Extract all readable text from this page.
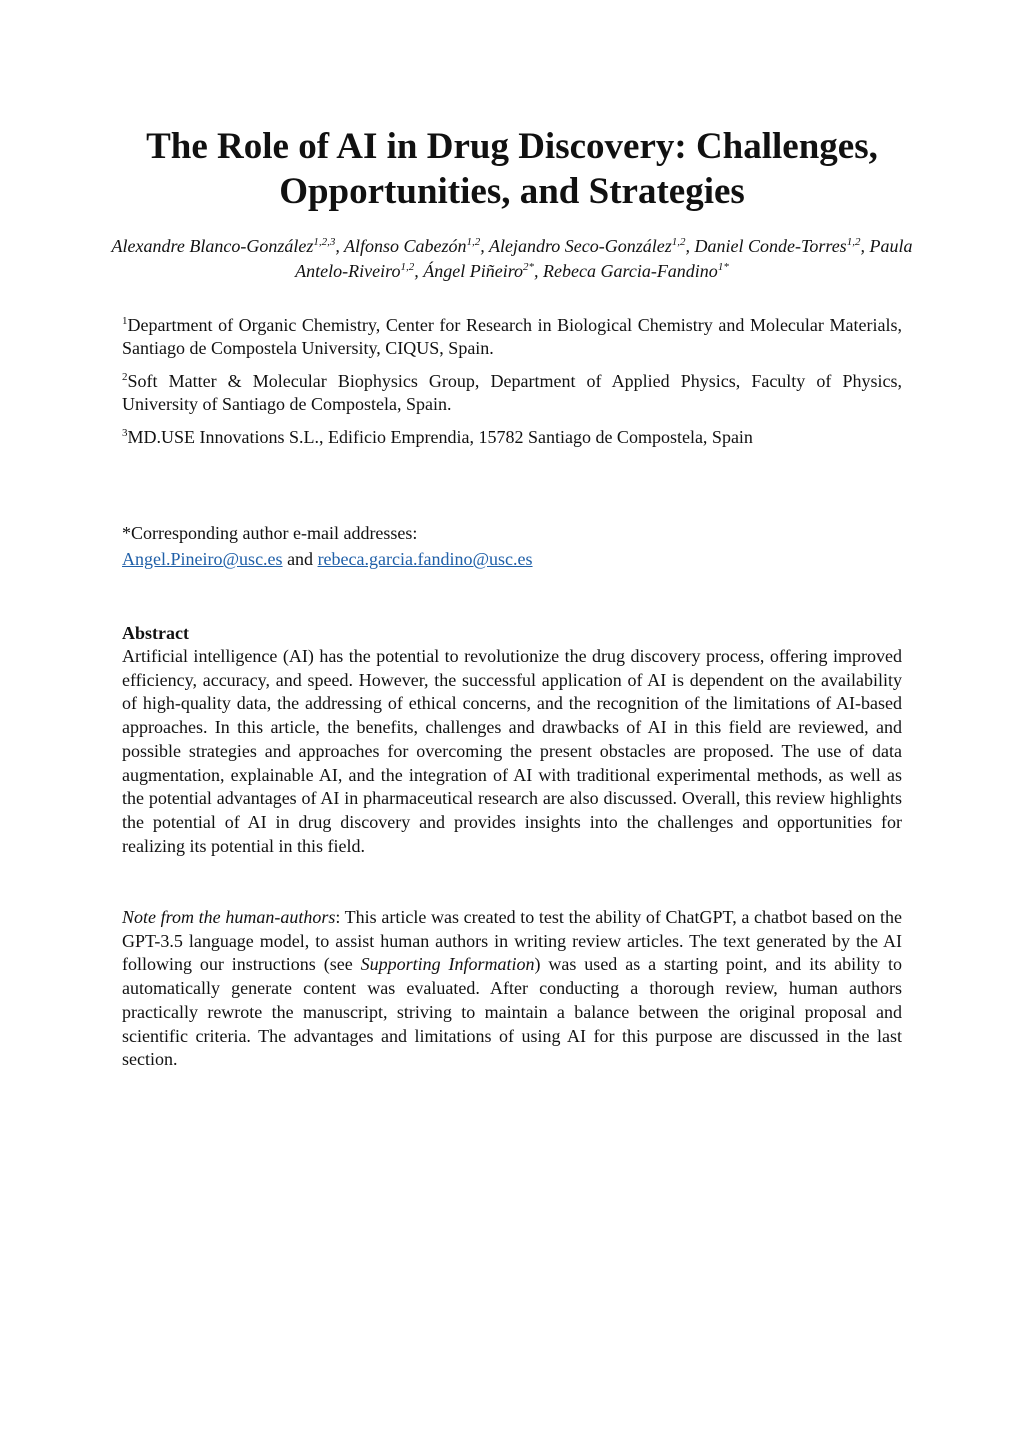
The Role of AI in Drug Discovery: Challenges,
Opportunities, and Strategies
Alexandre Blanco-González$^{1,2,3}$, Alfonso Cabezón$^{1,2}$, Alejandro Seco-González$^{1,2}$, Daniel Conde-Torres$^{1,2}$, Paula Antelo-Riveiro$^{1,2}$, Ángel Piñeiro$^{2*}$, Rebeca Garcia-Fandino$^{1*}$
$^1$Department of Organic Chemistry, Center for Research in Biological Chemistry and Molecular Materials, Santiago de Compostela University, CIQUS, Spain.
$^2$Soft Matter & Molecular Biophysics Group, Department of Applied Physics, Faculty of Physics, University of Santiago de Compostela, Spain.
$^3$MD.USE Innovations S.L., Edificio Emprendia, 15782 Santiago de Compostela, Spain
*Corresponding author e-mail addresses:
Angel.Pineiro@usc.es and rebeca.garcia.fandino@usc.es
Abstract
Artificial intelligence (AI) has the potential to revolutionize the drug discovery process, offering improved efficiency, accuracy, and speed. However, the successful application of AI is dependent on the availability of high-quality data, the addressing of ethical concerns, and the recognition of the limitations of AI-based approaches. In this article, the benefits, challenges and drawbacks of AI in this field are reviewed, and possible strategies and approaches for overcoming the present obstacles are proposed. The use of data augmentation, explainable AI, and the integration of AI with traditional experimental methods, as well as the potential advantages of AI in pharmaceutical research are also discussed. Overall, this review highlights the potential of AI in drug discovery and provides insights into the challenges and opportunities for realizing its potential in this field.
Note from the human-authors: This article was created to test the ability of ChatGPT, a chatbot based on the GPT-3.5 language model, to assist human authors in writing review articles. The text generated by the AI following our instructions (see Supporting Information) was used as a starting point, and its ability to automatically generate content was evaluated. After conducting a thorough review, human authors practically rewrote the manuscript, striving to maintain a balance between the original proposal and scientific criteria. The advantages and limitations of using AI for this purpose are discussed in the last section.
